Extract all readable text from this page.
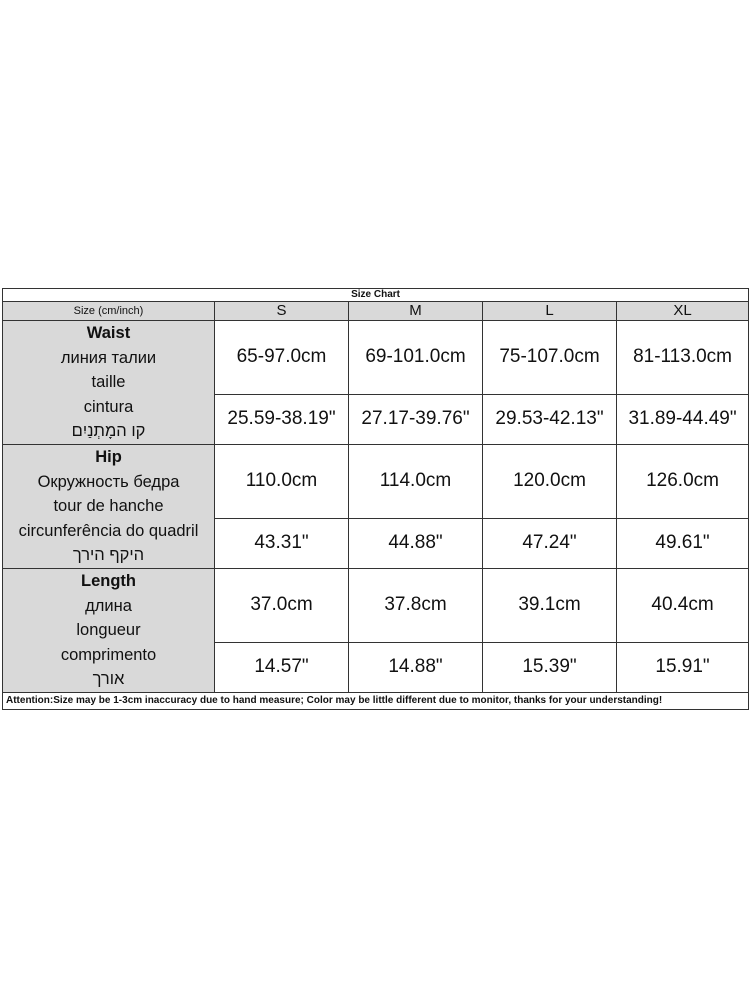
Size Chart				
Size (cm/inch)	S	M	L	XL

Waist
линия талии
taille
cintura
קו המָתְנַיִם	65-97.0cm	69-101.0cm	75-107.0cm	81-113.0cm
	25.59-38.19"	27.17-39.76"	29.53-42.13"	31.89-44.49"

Hip
Окружность бедра
tour de hanche
circunferência do quadril
היקף הירך	110.0cm	114.0cm	120.0cm	126.0cm
	43.31"	44.88"	47.24"	49.61"

Length
длина
longueur
comprimento
אורך	37.0cm	37.8cm	39.1cm	40.4cm
	14.57"	14.88"	15.39"	15.91"
Attention:Size may be 1-3cm inaccuracy due to hand measure; Color may be little different due to monitor, thanks for your understanding!				
